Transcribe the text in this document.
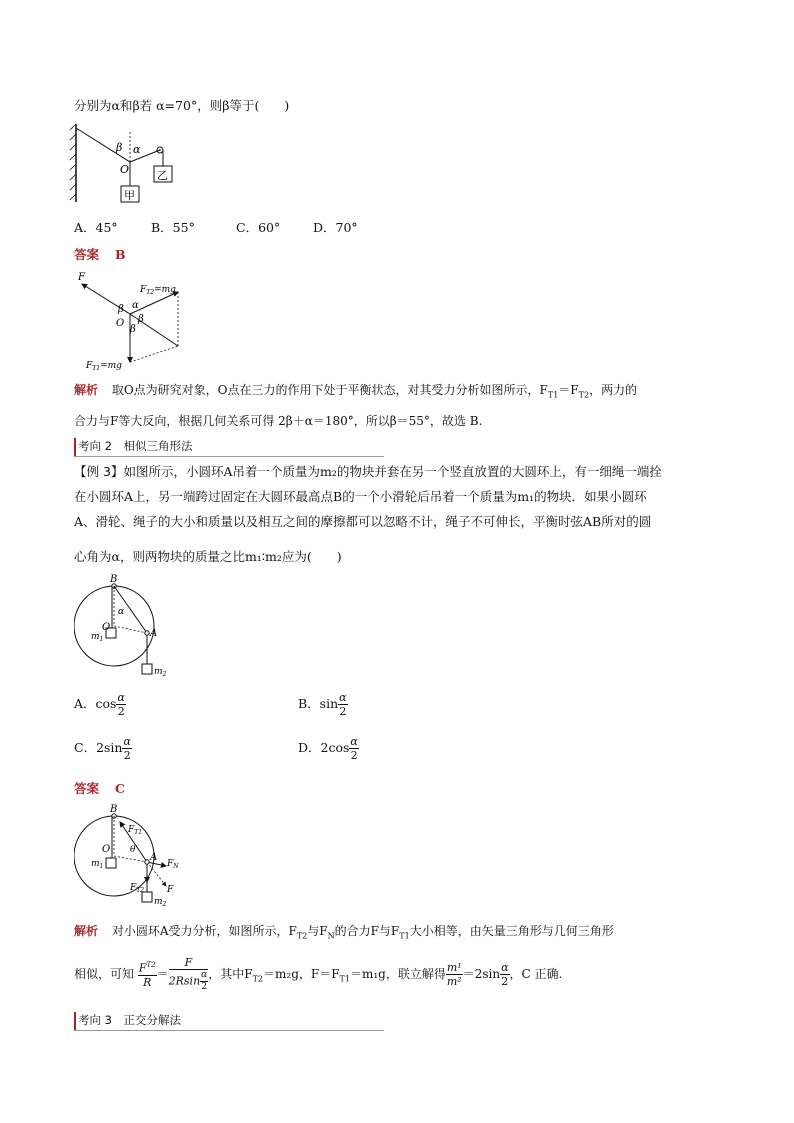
分别为α和β若 α=70°，则β等于(　　)
β α
O	乙
甲
A．45°	B．55°	C．60°	D．70°
答案 B
F
$F_{T2}=mg$
β α
β
O
β
$F_{T1}=mg$
解析 取O点为研究对象，O点在三力的作用下处于平衡状态，对其受力分析如图所示，$F_{T1}=F_{T2}$，两力的
合力与F等大反向，根据几何关系可得 2β＋α＝180°，所以β＝55°，故选 B.
考向 2　相似三角形法
【例 3】如图所示，小圆环A吊着一个质量为m₂的物块并套在另一个竖直放置的大圆环上，有一细绳一端拴
在小圆环A上，另一端跨过固定在大圆环最高点B的一个小滑轮后吊着一个质量为m₁的物块．如果小圆环
A、滑轮、绳子的大小和质量以及相互之间的摩擦都可以忽略不计，绳子不可伸长，平衡时弦AB所对的圆
心角为α，则两物块的质量之比m₁∶m₂应为(　　)
B
α
O
A
$m_1$
$m_2$
A．$\cos \frac{\alpha}{2}$	B．$\sin \frac{\alpha}{2}$
C．$2\sin \frac{\alpha}{2}$	D．$2\cos \frac{\alpha}{2}$
答案 C
B
$F_{T1}$
O θ
A
$F_N$
$m_1$
$F_{T2}$	F
$m_2$
解析 对小圆环A受力分析，如图所示，$F_{T2}$与$F_N$的合力F与$F_{T1}$大小相等，由矢量三角形与几何三角形
相似，可知 $\frac{F^{T2}}{R} = \frac{F}{2Rsin \frac{\alpha}{2}}$ ，其中$F_{T2}=m_2g$，$F=F_{T1}=m_1g$，联立解得 $\frac{\text{m¹}}{\text{m²}} =2\sin \frac{\alpha}{2}$ ，C 正确.
考向 3　正交分解法
